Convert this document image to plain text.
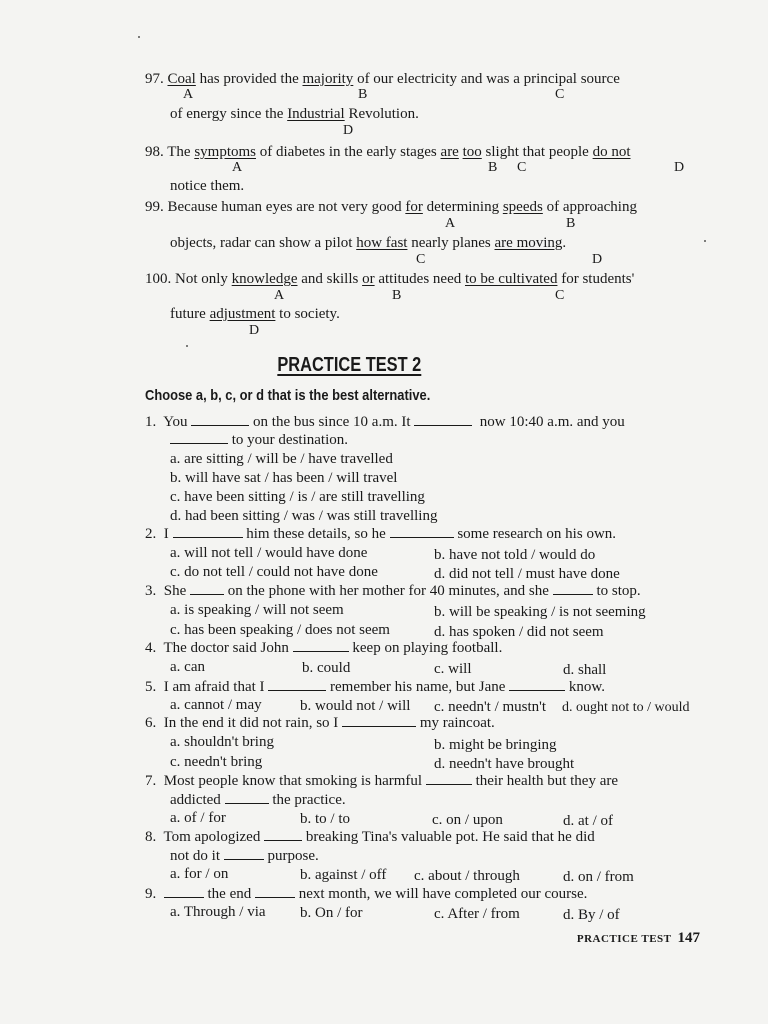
97. Coal has provided the majority of our electricity and was a principal source
A	B	C
of energy since the Industrial Revolution.
D
98. The symptoms of diabetes in the early stages are too slight that people do not
A	B C	D
notice them.
99. Because human eyes are not very good for determining speeds of approaching
A	B
objects, radar can show a pilot how fast nearly planes are moving.
C	D
100. Not only knowledge and skills or attitudes need to be cultivated for students'
A	B	C
future adjustment to society.
D
PRACTICE TEST 2
Choose a, b, c, or d that is the best alternative.
1. You	on the bus since 10 a.m. It	now 10:40 a.m. and you
to your destination.
a. are sitting / will be / have travelled
b. will have sat / has been / will travel
c. have been sitting / is / are still travelling
d. had been sitting / was / was still travelling
2. I	him these details, so he	some research on his own.
a. will not tell / would have done	b. have not told / would do
c. do not tell / could not have done	d. did not tell / must have done
3. She	on the phone with her mother for 40 minutes, and she	to stop.
a. is speaking / will not seem	b. will be speaking / is not seeming
c. has been speaking / does not seem	d. has spoken / did not seem
4. The doctor said John	keep on playing football.
a. can	b. could	c. will	d. shall
5. I am afraid that I	remember his name, but Jane	know.
a. cannot / may	b. would not / will c. needn't / mustn't d. ought not to / would
6. In the end it did not rain, so I	my raincoat.
a. shouldn't bring	b. might be bringing
c. needn't bring	d. needn't have brought
7. Most people know that smoking is harmful	their health but they are
addicted	the practice.
a. of / for	b. to / to	c. on / upon	d. at / of
8. Tom apologized	breaking Tina's valuable pot. He said that he did
not do it	purpose.
a. for / on	b. against / off c. about / through	d. on / from
9.	the end	next month, we will have completed our course.
a. Through / via b. On / for	c. After / from	d. By / of
PRACTICE TEST 147
